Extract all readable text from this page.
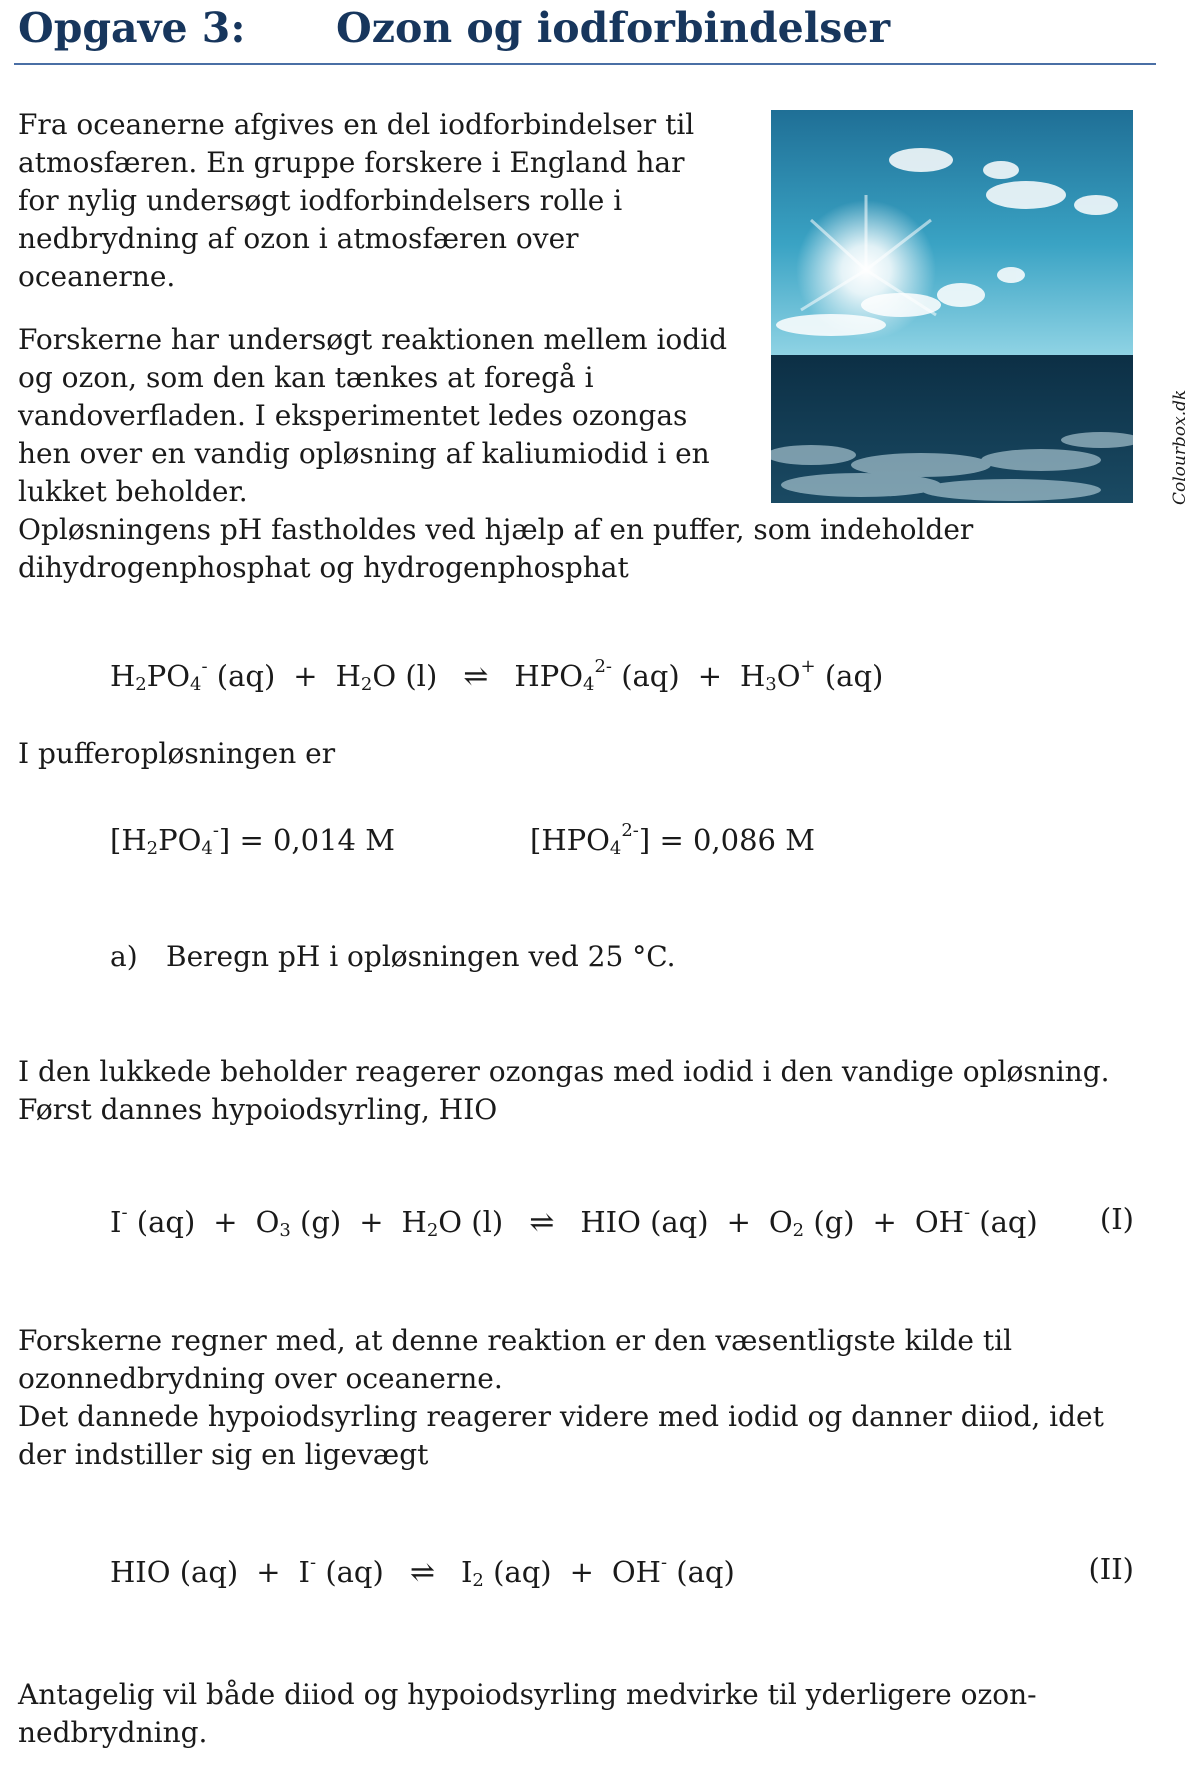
Opgave 3: Ozon og iodforbindelser
Fra oceanerne afgives en del iodforbindelser til
atmosfæren. En gruppe forskere i England har
for nylig undersøgt iodforbindelsers rolle i
nedbrydning af ozon i atmosfæren over
oceanerne.
Forskerne har undersøgt reaktionen mellem iodid
og ozon, som den kan tænkes at foregå i
vandoverfladen. I eksperimentet ledes ozongas
hen over en vandig opløsning af kaliumiodid i en
lukket beholder.
Opløsningens pH fastholdes ved hjælp af en puffer, som indeholder
dihydrogenphosphat og hydrogenphosphat
Colourbox.dk
$H_2PO_4^-$ $(aq) + H_2O$ (l) ⇌ $HPO_4^{2-}$ $(aq) + H_3O^+$ (aq)
I pufferopløsningen er
$[H_2PO_4^-] = 0,014$ M	$[HPO_4^{2-}] = 0,086$ M
a) Beregn pH i opløsningen ved 25 °C.
I den lukkede beholder reagerer ozongas med iodid i den vandige opløsning.
Først dannes hypoiodsyrling, HIO
I- $(aq) + O_3$ $(g) + H_2O$ (l) ⇌ HIO $(aq) + O_2$ (g) + OH- (aq) (I)
Forskerne regner med, at denne reaktion er den væsentligste kilde til
ozonnedbrydning over oceanerne.
Det dannede hypoiodsyrling reagerer videre med iodid og danner diiod, idet
der indstiller sig en ligevægt
HIO (aq) + I- (aq) ⇌ $I_2$ (aq) + OH- (aq)	(II)
Antagelig vil både diiod og hypoiodsyrling medvirke til yderligere ozon-
nedbrydning.
